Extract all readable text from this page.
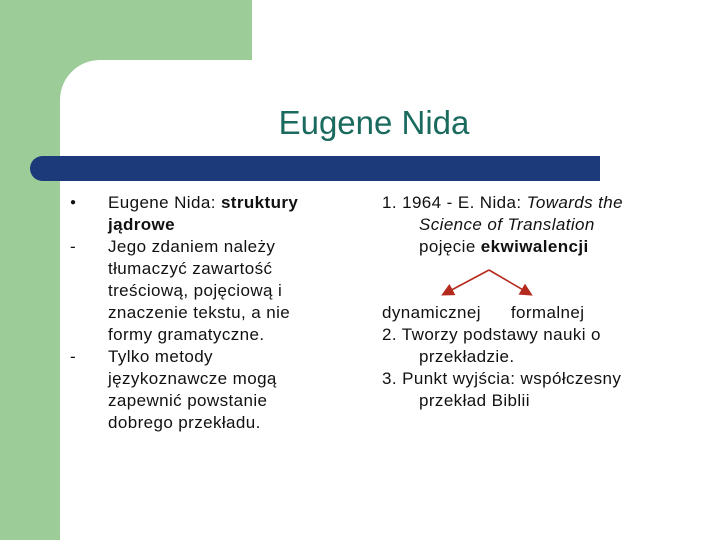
Eugene Nida
●	Eugene Nida: struktury jądrowe
-	Jego zdaniem należy tłumaczyć zawartość treściową, pojęciową i znaczenie tekstu, a nie formy gramatyczne.
-	Tylko metody językoznawcze mogą zapewnić powstanie dobrego przekładu.
1. 1964 - E. Nida: Towards the
Science of Translation
pojęcie ekwiwalencji
dynamicznej formalnej
2. Tworzy podstawy nauki o
przekładzie.
3. Punkt wyjścia: współczesny
przekład Biblii
